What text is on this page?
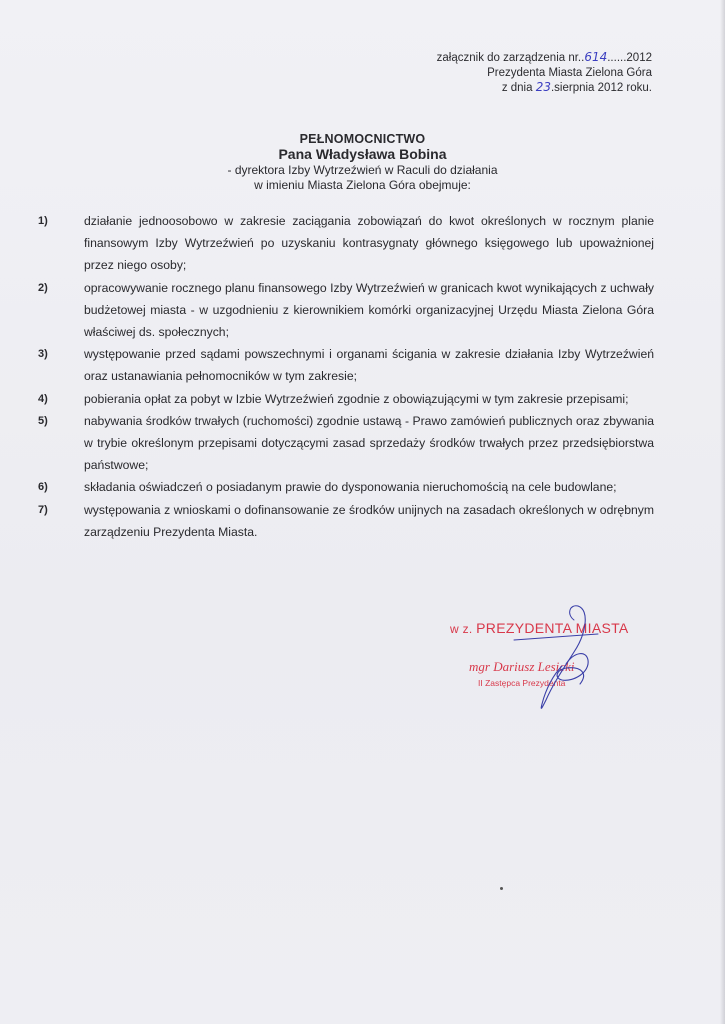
załącznik do zarządzenia nr..614......2012
Prezydenta Miasta Zielona Góra
z dnia 23.sierpnia 2012 roku.
PEŁNOMOCNICTWO
Pana Władysława Bobina
- dyrektora Izby Wytrzeźwień w Raculi do działania
w imieniu Miasta Zielona Góra obejmuje:
1)	działanie jednoosobowo w zakresie zaciągania zobowiązań do kwot określonych w rocznym planie finansowym Izby Wytrzeźwień po uzyskaniu kontrasygnaty głównego księgowego lub upoważnionej przez niego osoby;
2)	opracowywanie rocznego planu finansowego Izby Wytrzeźwień w granicach kwot wynikających z uchwały budżetowej miasta - w uzgodnieniu z kierownikiem komórki organizacyjnej Urzędu Miasta Zielona Góra właściwej ds. społecznych;
3)	występowanie przed sądami powszechnymi i organami ścigania w zakresie działania Izby Wytrzeźwień oraz ustanawiania pełnomocników w tym zakresie;
4)	pobierania opłat za pobyt w Izbie Wytrzeźwień zgodnie z obowiązującymi w tym zakresie przepisami;
5)	nabywania środków trwałych (ruchomości) zgodnie ustawą - Prawo zamówień publicznych oraz zbywania w trybie określonym przepisami dotyczącymi zasad sprzedaży środków trwałych przez przedsiębiorstwa państwowe;
6)	składania oświadczeń o posiadanym prawie do dysponowania nieruchomością na cele budowlane;
7)	występowania z wnioskami o dofinansowanie ze środków unijnych na zasadach określonych w odrębnym zarządzeniu Prezydenta Miasta.
w z. PREZYDENTA MIASTA
mgr Dariusz Lesicki
II Zastępca Prezydenta
